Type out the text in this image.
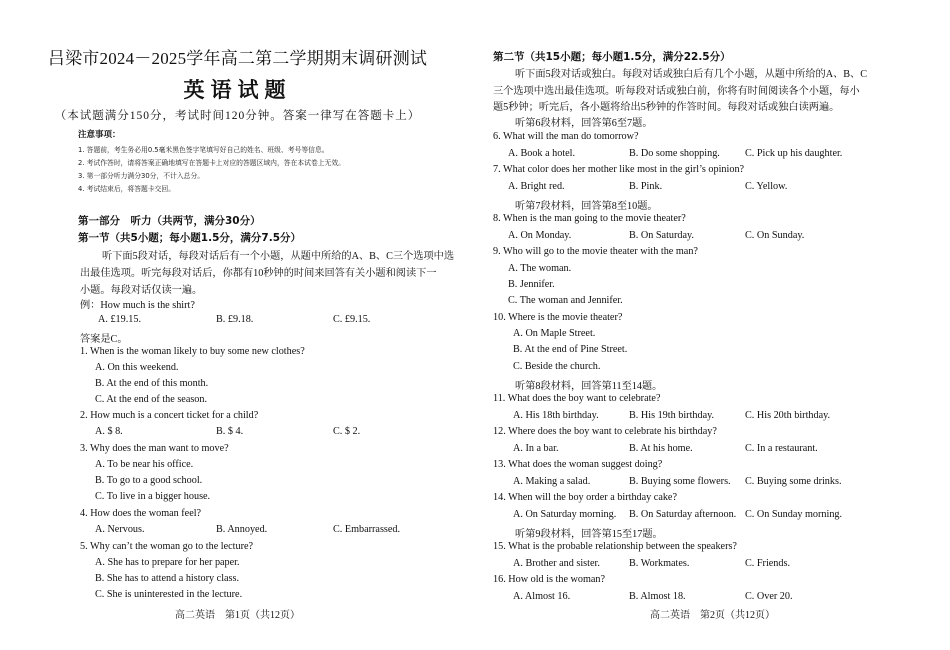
吕梁市2024－2025学年高二第二学期期末调研测试
英语试题
（本试题满分150分，考试时间120分钟。答案一律写在答题卡上）
注意事项：
1. 答题前，考生务必用0.5毫米黑色签字笔填写好自己的姓名、班级、考号等信息。
2. 考试作答时，请将答案正确地填写在答题卡上对应的答题区域内，答在本试卷上无效。
3. 第一部分听力满分30分，不计入总分。
4. 考试结束后，将答题卡交回。
第一部分　听力（共两节，满分30分）
第一节（共5小题；每小题1.5分，满分7.5分）
听下面5段对话，每段对话后有一个小题，从题中所给的A、B、C三个选项中选
出最佳选项。听完每段对话后，你都有10秒钟的时间来回答有关小题和阅读下一
小题。每段对话仅读一遍。
例：How much is the shirt?
A. £19.15.	B. £9.18.	C. £9.15.
答案是C。
1. When is the woman likely to buy some new clothes?
A. On this weekend.
B. At the end of this month.
C. At the end of the season.
2. How much is a concert ticket for a child?
A. $ 8.	B. $ 4.	C. $ 2.
3. Why does the man want to move?
A. To be near his office.
B. To go to a good school.
C. To live in a bigger house.
4. How does the woman feel?
A. Nervous.	B. Annoyed.	C. Embarrassed.
5. Why can’t the woman go to the lecture?
A. She has to prepare for her paper.
B. She has to attend a history class.
C. She is uninterested in the lecture.
高二英语　第1页（共12页）
第二节（共15小题；每小题1.5分，满分22.5分）
听下面5段对话或独白。每段对话或独白后有几个小题，从题中所给的A、B、C
三个选项中选出最佳选项。听每段对话或独白前，你将有时间阅读各个小题，每小
题5秒钟；听完后，各小题将给出5秒钟的作答时间。每段对话或独白读两遍。
听第6段材料，回答第6至7题。
6. What will the man do tomorrow?
A. Book a hotel.	B. Do some shopping. C. Pick up his daughter.
7. What color does her mother like most in the girl’s opinion?
A. Bright red.	B. Pink.	C. Yellow.
听第7段材料，回答第8至10题。
8. When is the man going to the movie theater?
A. On Monday.	B. On Saturday.	C. On Sunday.
9. Who will go to the movie theater with the man?
A. The woman.
B. Jennifer.
C. The woman and Jennifer.
10. Where is the movie theater?
A. On Maple Street.
B. At the end of Pine Street.
C. Beside the church.
听第8段材料，回答第11至14题。
11. What does the boy want to celebrate?
A. His 18th birthday.	B. His 19th birthday.	C. His 20th birthday.
12. Where does the boy want to celebrate his birthday?
A. In a bar.	B. At his home.	C. In a restaurant.
13. What does the woman suggest doing?
A. Making a salad.	B. Buying some flowers. C. Buying some drinks.
14. When will the boy order a birthday cake?
A. On Saturday morning. B. On Saturday afternoon. C. On Sunday morning.
听第9段材料，回答第15至17题。
15. What is the probable relationship between the speakers?
A. Brother and sister.	B. Workmates.	C. Friends.
16. How old is the woman?
A. Almost 16.	B. Almost 18.	C. Over 20.
高二英语　第2页（共12页）
